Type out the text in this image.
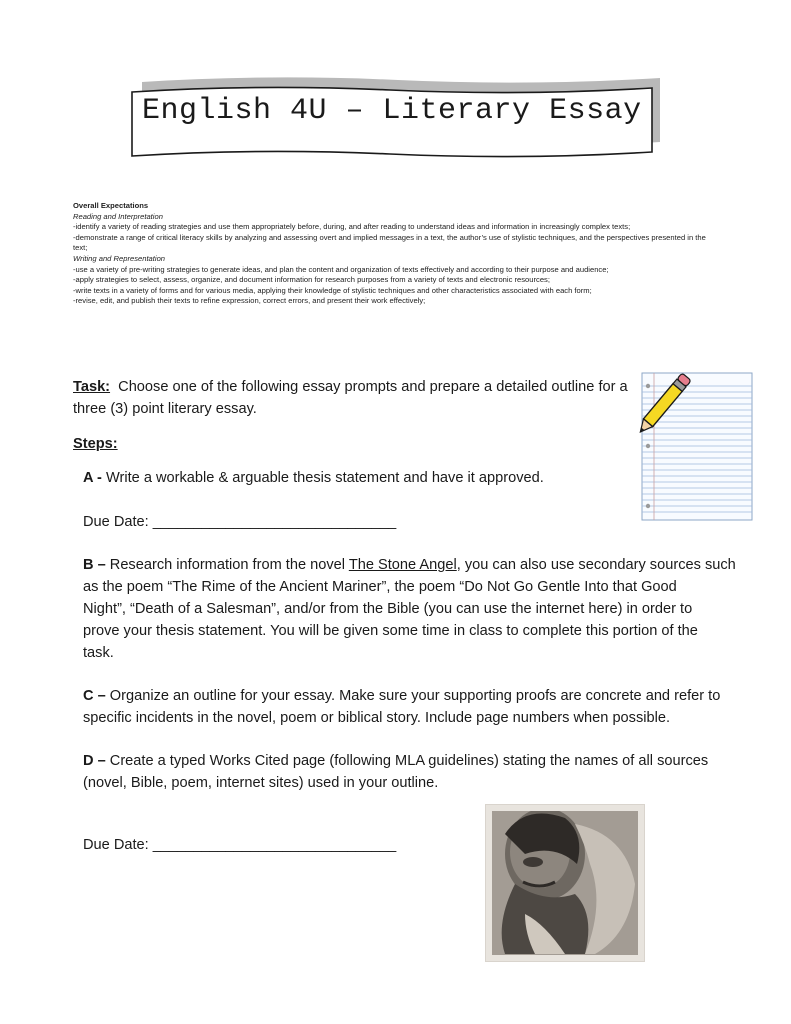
English 4U – Literary Essay

Overall Expectations

Reading and Interpretation

-identify a variety of reading strategies and use them appropriately before, during, and after reading to understand ideas and information in increasingly complex texts;

-demonstrate a range of critical literacy skills by analyzing and assessing overt and implied messages in a text, the author’s use of stylistic techniques, and the perspectives presented in the text;

Writing and Representation

-use a variety of pre-writing strategies to generate ideas, and plan the content and organization of texts effectively and according to their purpose and audience;

-apply strategies to select, assess, organize, and document information for research purposes from a variety of texts and electronic resources;

-write texts in a variety of forms and for various media, applying their knowledge of stylistic techniques and other characteristics associated with each form;

-revise, edit, and publish their texts to refine expression, correct errors, and present their work effectively;

Task: Choose one of the following essay prompts and prepare a detailed outline for a
three (3) point literary essay.
Steps:
A - Write a workable & arguable thesis statement and have it approved.
Due Date: ______________________________
B – Research information from the novel The Stone Angel, you can also use secondary sources such
as the poem “The Rime of the Ancient Mariner”, the poem “Do Not Go Gentle Into that Good
Night”, “Death of a Salesman”, and/or from the Bible (you can use the internet here) in order to
prove your thesis statement. You will be given some time in class to complete this portion of the
task.
C – Organize an outline for your essay. Make sure your supporting proofs are concrete and refer to
specific incidents in the novel, poem or biblical story. Include page numbers when possible.
D – Create a typed Works Cited page (following MLA guidelines) stating the names of all sources
(novel, Bible, poem, internet sites) used in your outline.
Due Date: ______________________________
